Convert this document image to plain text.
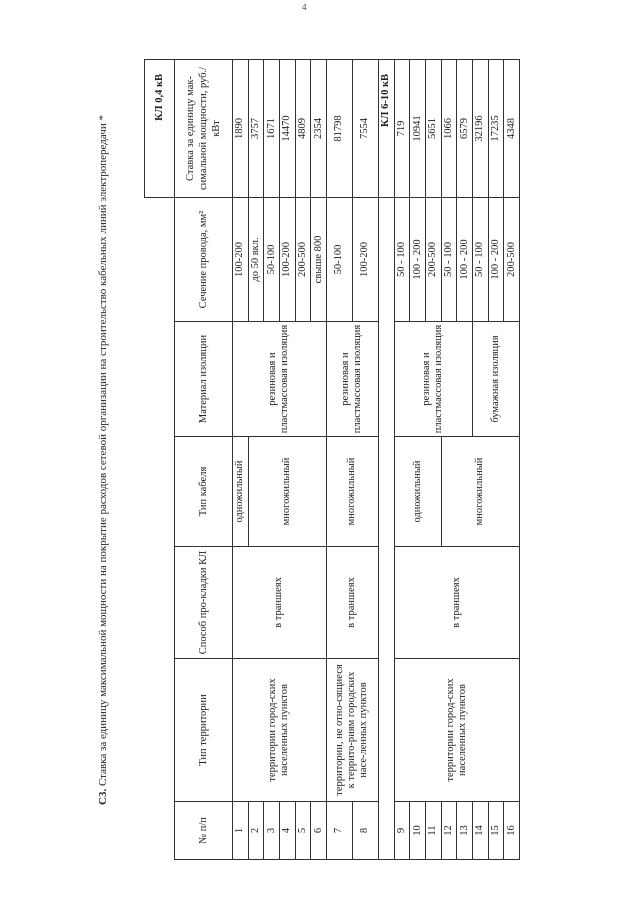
4
С3. Ставка за единицу максимальной мощности на покрытие расходов сетевой организации на строительство кабельных линий электропередачи *
						КЛ 0,4 кВ
№ п/п	Тип территории	Способ про-кладки КЛ	Тип кабеля	Материал изоляции	Сечение провода, мм²	Ставка за единицу мак-симальной мощности, руб./кВт
1	территории город-ских населенных пунктов	в траншеях	одножильный	резиновая и пластмассовая изоляция	100-200	1890
2			многожильный		до 50 вкл.	3757
3					50-100	1671
4					100-200	14470
5					200-500	4809
6					свыше 800	2354
7	территории, не отно-сящиеся к террито-риям городских насе-ленных пунктов	в траншеях	многожильный	резиновая и пластмассовая изоляция	50-100	81798
8					100-200	7554
						КЛ 6-10 кВ
9	территории город-ских населенных пунктов	в траншеях	одножильный	резиновая и пластмассовая изоляция	50 - 100	719
10					100 - 200	10941
11					200-500	5651
12			многожильный		50 - 100	1066
13					100 - 200	6579
14				бумажная изоляция	50 - 100	32196
15					100 - 200	17235
16					200-500	4348
